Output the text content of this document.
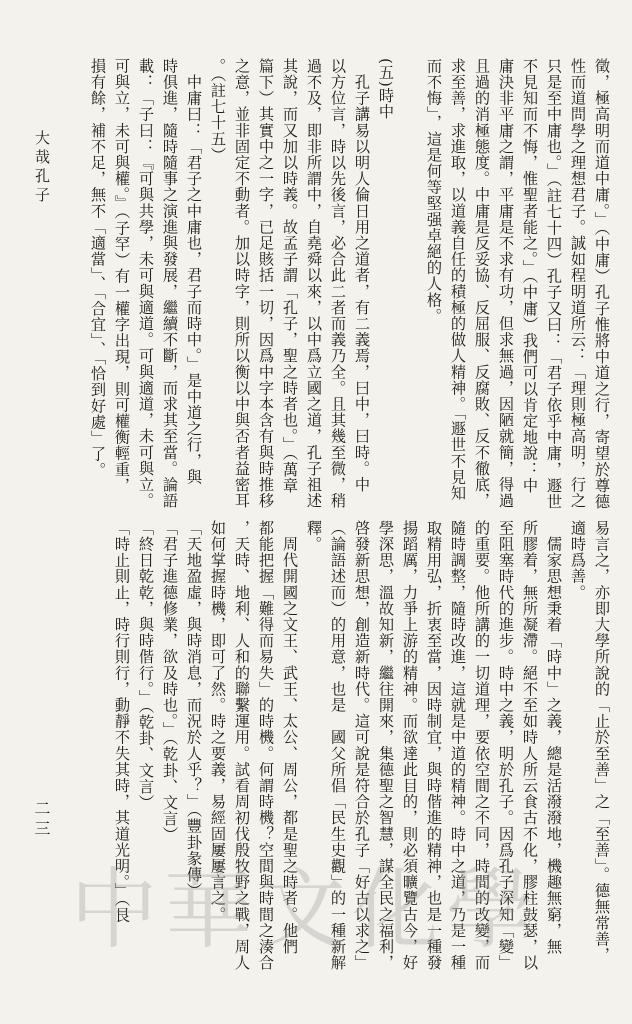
大哉孔子	徵，極高明而道中庸。」（中庸）孔子惟將中道之行，寄望於尊德
性而道問學之理想君子。誠如程明道所云：「理則極高明，行之
只是至中庸也。」（註七十四）孔子又曰：「君子依乎中庸，遯世
不見知而不悔，惟聖者能之。」（中庸）我們可以肯定地說：中
庸決非平庸之謂，平庸是不求有功，但求無過，因陋就簡，得過
且過的消極態度。中庸是反妥協、反屈服、反腐敗、反不徹底，
求至善，求進取，以道義自任的積極的做人精神。「遯世不見知
而不悔」，這是何等堅强卓絕的人格。
(五)時中
　孔子講易以明人倫日用之道者，有二義焉，曰中，曰時。中
以方位言，時以先後言，必合此二者而義乃全。且其幾至微，稍
過不及，即非所謂中，自堯舜以來，以中爲立國之道，孔子祖述
其說，而又加以時義。故孟子謂「孔子，聖之時者也。」（萬章
篇下）其實中之一字，已足賅括一切，因爲中字本含有與時推移
之意，並非固定不動者。加以時字，則所以衡以中與否者益密耳
。（註七十五）
　中庸曰：「君子之中庸也，君子而時中。」是中道之行，與
時俱進，隨時隨事之演進與發展，繼續不斷，而求其至當。論語
載：「子曰：『可與共學，未可與適道。可與適道，未可與立。
可與立，未可與權。』（子罕）有一權字出現，則可權衡輕重，
損有餘，補不足，無不「適當」、「合宜」、「恰到好處」了。
易言之，亦即大學所說的「止於至善」之「至善」。德無常善，
適時爲善。
　儒家思想秉着「時中」之義，總是活潑潑地，機趣無窮，無
所膠着，無所凝滯。絕不至如時人所云食古不化，膠柱鼓瑟，以
至阻塞時代的進步。時中之義，明於孔子。因爲孔子深知「變」
的重要。他所講的一切道理，要依空間之不同，時間的改變，而
隨時調整，隨時改進，這就是中道的精神。時中之道，乃是一種
取精用弘，折衷至當，因時制宜，與時偕進的精神，也是一種發
揚蹈厲，力爭上游的精神。而欲達此目的，則必須曠覽古今，好
學深思，溫故知新，繼往開來，集德聖之智慧，謀全民之福利，
啓發新思想，創造新時代。這可說是符合於孔子「好古以求之」
（論語述而）的用意，也是　國父所倡「民生史觀」的一種新解
釋。
　周代開國之文王、武王、太公、周公，都是聖之時者。他們
都能把握「難得而易失」的時機。何謂時機？空間與時間之湊合
，天時、地利、人和的聯繫運用。試看周初伐殷牧野之戰，周人
如何掌握時機，即可了然。時之要義，易經固屢屢言之。
「天地盈虛，與時消息，而況於人乎？」（豐卦彖傳）
「君子進德修業，欲及時也。」（乾卦、文言）
「終日乾乾，與時偕行。」（乾卦、文言）
「時止則止，時行則行，動靜不失其時，其道光明。」（艮
二三
中華文化學
